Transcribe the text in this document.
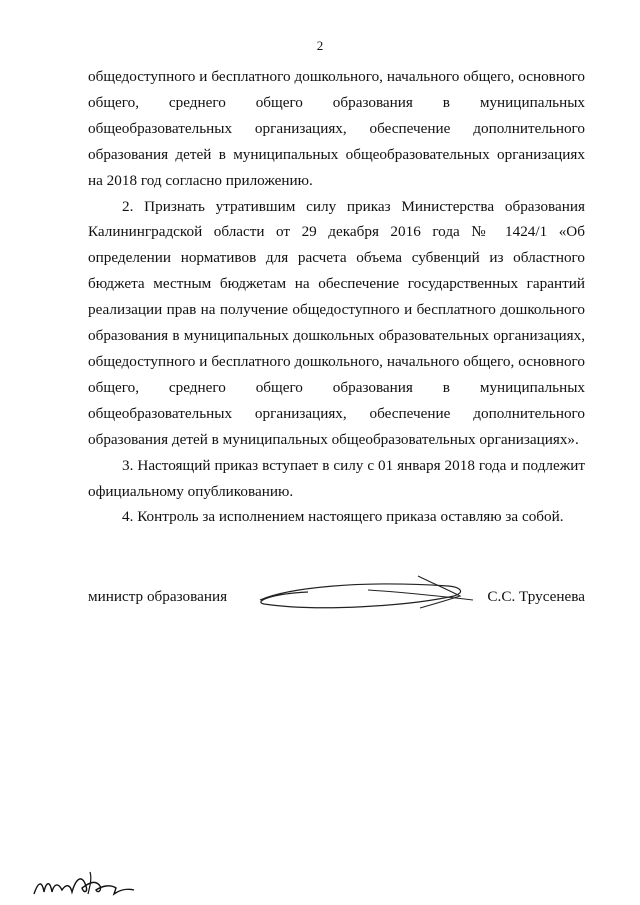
2

общедоступного и бесплатного дошкольного, начального общего, основного общего, среднего общего образования в муниципальных общеобразовательных организациях, обеспечение дополнительного образования детей в муниципальных общеобразовательных организациях на 2018 год согласно приложению.

2. Признать утратившим силу приказ Министерства образования Калининградской области от 29 декабря 2016 года № 1424/1 «Об определении нормативов для расчета объема субвенций из областного бюджета местным бюджетам на обеспечение государственных гарантий реализации прав на получение общедоступного и бесплатного дошкольного образования в муниципальных дошкольных образовательных организациях, общедоступного и бесплатного дошкольного, начального общего, основного общего, среднего общего образования в муниципальных общеобразовательных организациях, обеспечение дополнительного образования детей в муниципальных общеобразовательных организациях».

3. Настоящий приказ вступает в силу с 01 января 2018 года и подлежит официальному опубликованию.

4. Контроль за исполнением настоящего приказа оставляю за собой.

министр образования	С.С. Трусенева
